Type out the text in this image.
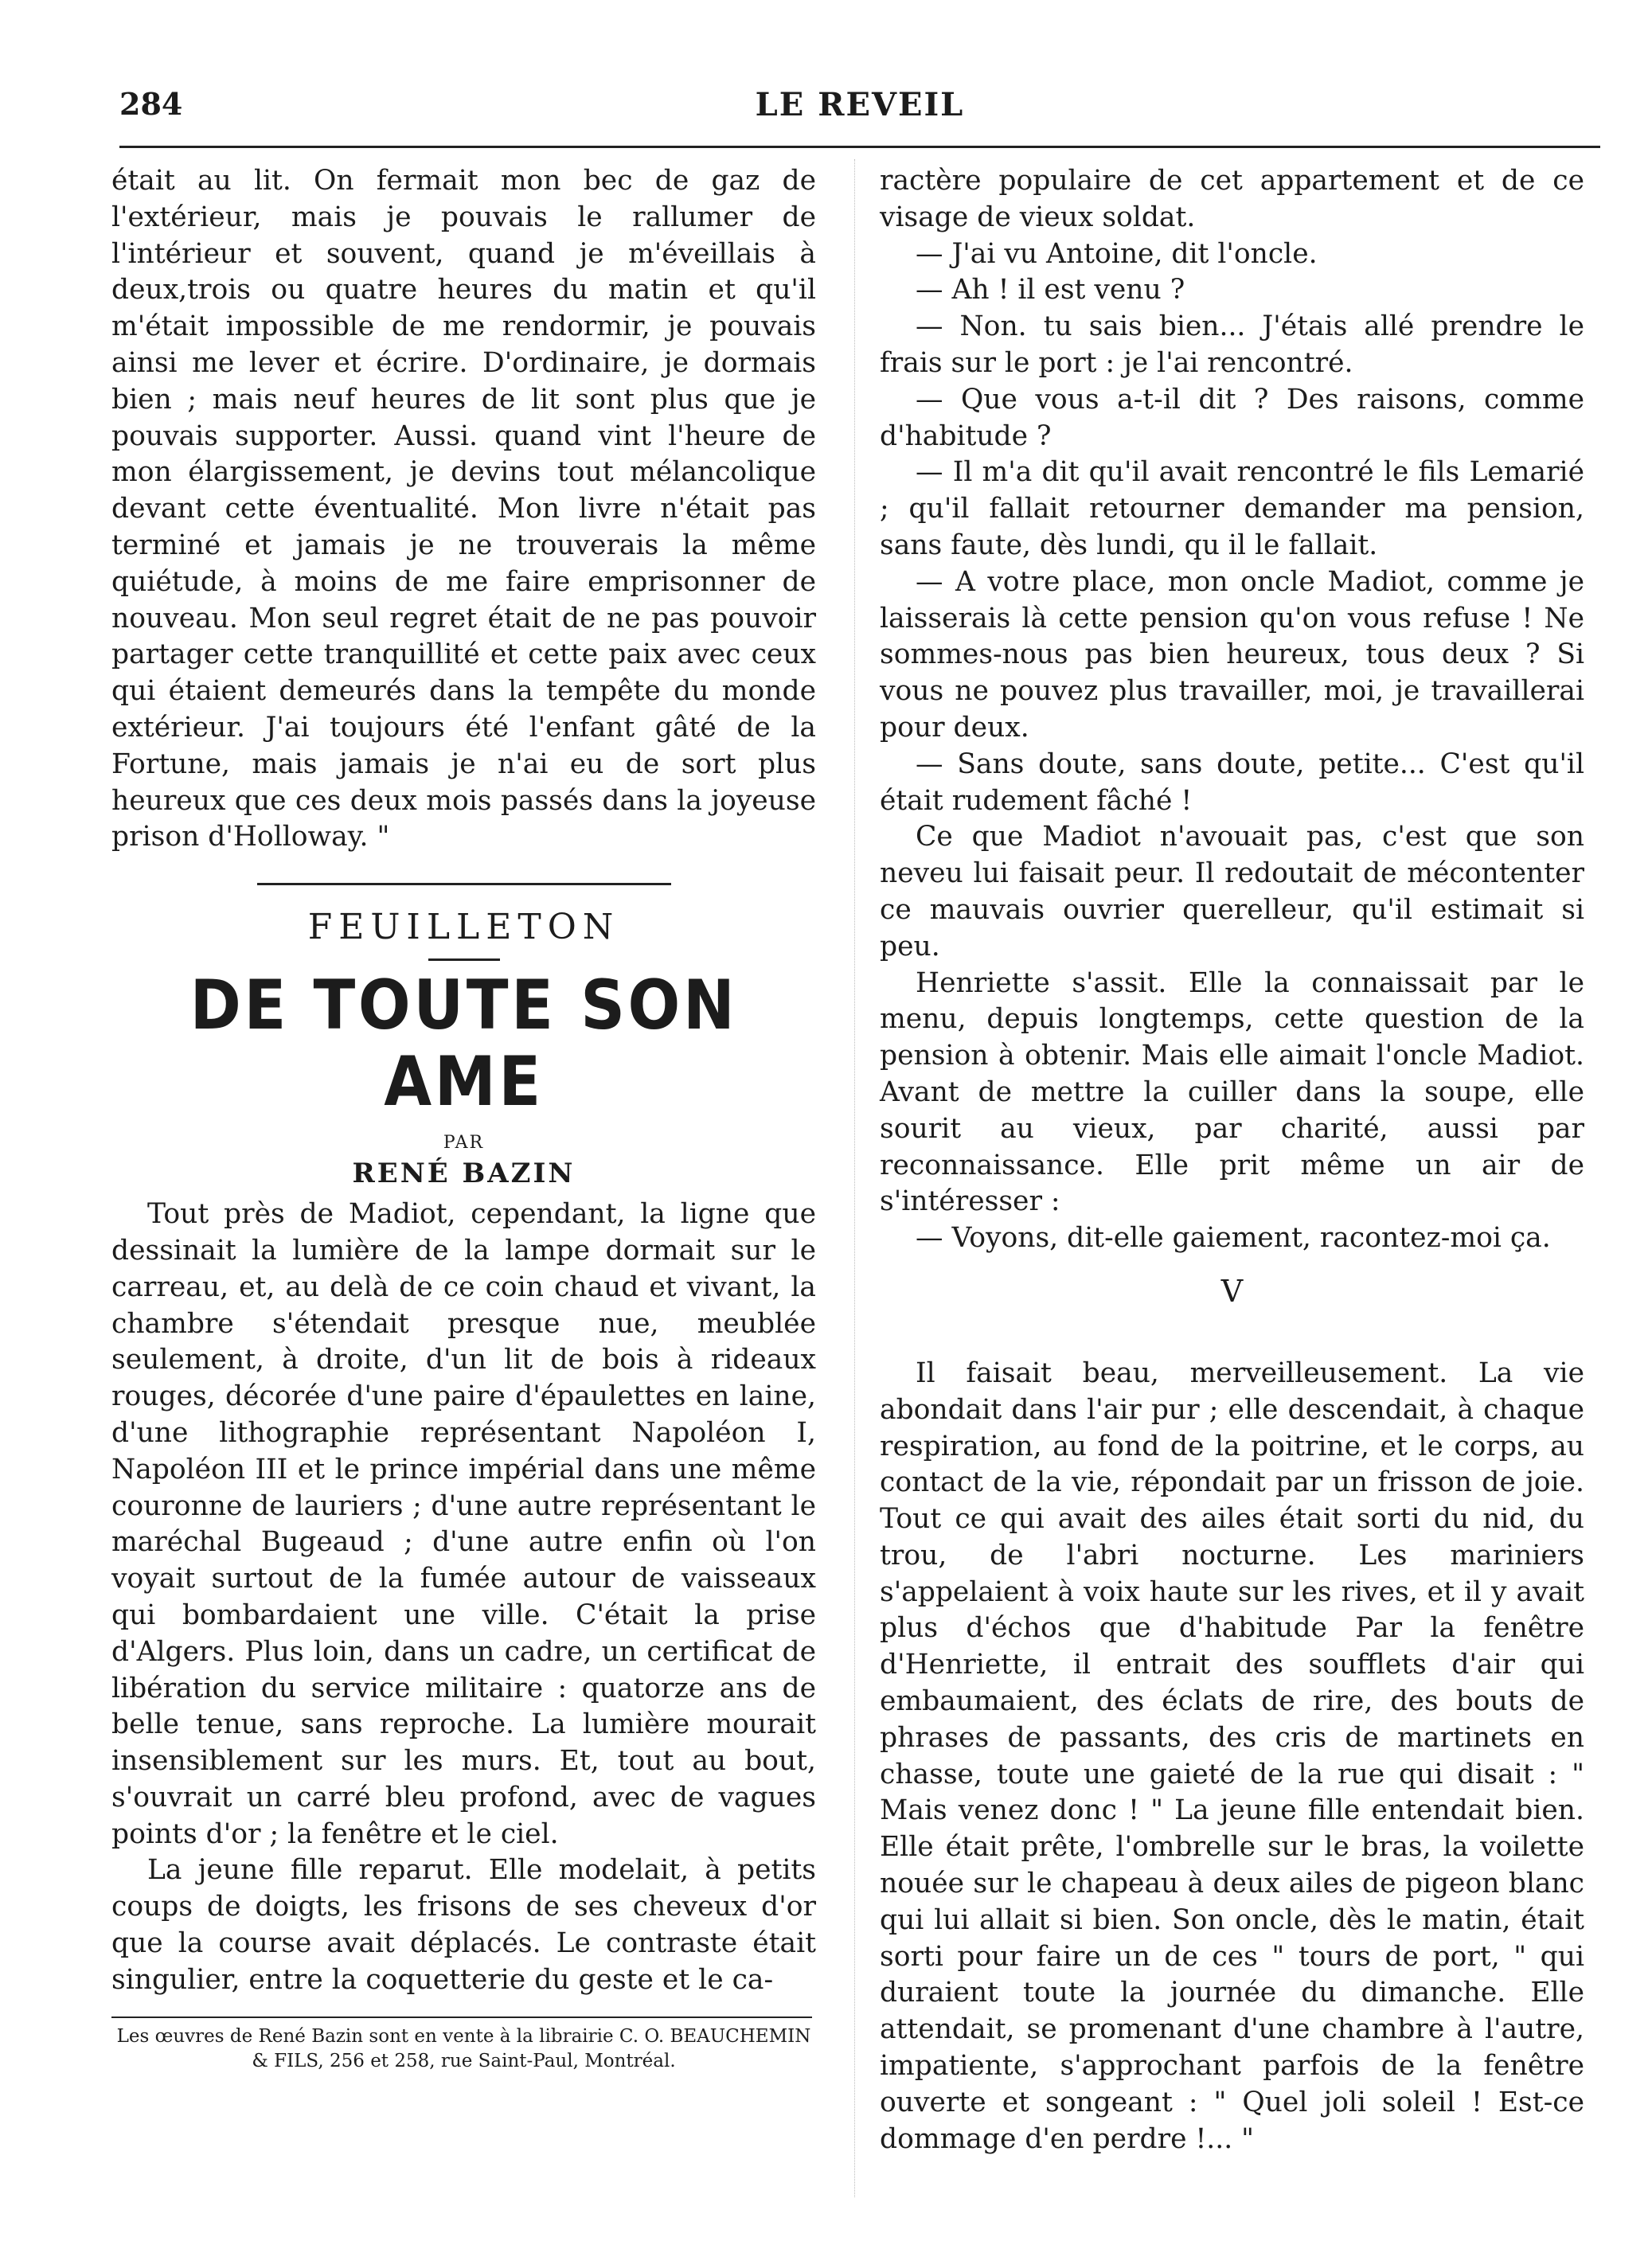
284	LE REVEIL

était au lit. On fermait mon bec de gaz de l'extérieur, mais je pouvais le rallumer de l'intérieur et souvent, quand je m'éveillais à deux,trois ou quatre heures du matin et qu'il m'était impossible de me rendormir, je pouvais ainsi me lever et écrire. D'ordinaire, je dormais bien ; mais neuf heures de lit sont plus que je pouvais supporter. Aussi. quand vint l'heure de mon élargissement, je devins tout mélancolique devant cette éventualité. Mon livre n'était pas terminé et jamais je ne trouverais la même quiétude, à moins de me faire emprisonner de nouveau. Mon seul regret était de ne pas pouvoir partager cette tranquillité et cette paix avec ceux qui étaient demeurés dans la tempête du monde extérieur. J'ai toujours été l'enfant gâté de la Fortune, mais jamais je n'ai eu de sort plus heureux que ces deux mois passés dans la joyeuse prison d'Holloway. "

FEUILLETON
DE TOUTE SON AME
PAR
RENÉ BAZIN

Tout près de Madiot, cependant, la ligne que dessinait la lumière de la lampe dormait sur le carreau, et, au delà de ce coin chaud et vivant, la chambre s'étendait presque nue, meublée seulement, à droite, d'un lit de bois à rideaux rouges, décorée d'une paire d'épaulettes en laine, d'une lithographie représentant Napoléon I, Napoléon III et le prince impérial dans une même couronne de lauriers ; d'une autre représentant le maréchal Bugeaud ; d'une autre enfin où l'on voyait surtout de la fumée autour de vaisseaux qui bombardaient une ville. C'était la prise d'Algers. Plus loin, dans un cadre, un certificat de libération du service militaire : quatorze ans de belle tenue, sans reproche. La lumière mourait insensiblement sur les murs. Et, tout au bout, s'ouvrait un carré bleu profond, avec de vagues points d'or ; la fenêtre et le ciel.

La jeune fille reparut. Elle modelait, à petits coups de doigts, les frisons de ses cheveux d'or que la course avait déplacés. Le contraste était singulier, entre la coquetterie du geste et le ca-

Les œuvres de René Bazin sont en vente à la librairie C. O. BEAUCHEMIN & FILS, 256 et 258, rue Saint-Paul, Montréal.

ractère populaire de cet appartement et de ce visage de vieux soldat.

— J'ai vu Antoine, dit l'oncle.

— Ah ! il est venu ?

— Non. tu sais bien... J'étais allé prendre le frais sur le port : je l'ai rencontré.

— Que vous a-t-il dit ? Des raisons, comme d'habitude ?

— Il m'a dit qu'il avait rencontré le fils Lemarié ; qu'il fallait retourner demander ma pension, sans faute, dès lundi, qu il le fallait.

— A votre place, mon oncle Madiot, comme je laisserais là cette pension qu'on vous refuse ! Ne sommes-nous pas bien heureux, tous deux ? Si vous ne pouvez plus travailler, moi, je travaillerai pour deux.

— Sans doute, sans doute, petite... C'est qu'il était rudement fâché !

Ce que Madiot n'avouait pas, c'est que son neveu lui faisait peur. Il redoutait de mécontenter ce mauvais ouvrier querelleur, qu'il estimait si peu.

Henriette s'assit. Elle la connaissait par le menu, depuis longtemps, cette question de la pension à obtenir. Mais elle aimait l'oncle Madiot. Avant de mettre la cuiller dans la soupe, elle sourit au vieux, par charité, aussi par reconnaissance. Elle prit même un air de s'intéresser :

— Voyons, dit-elle gaiement, racontez-moi ça.

V

Il faisait beau, merveilleusement. La vie abondait dans l'air pur ; elle descendait, à chaque respiration, au fond de la poitrine, et le corps, au contact de la vie, répondait par un frisson de joie. Tout ce qui avait des ailes était sorti du nid, du trou, de l'abri nocturne. Les mariniers s'appelaient à voix haute sur les rives, et il y avait plus d'échos que d'habitude Par la fenêtre d'Henriette, il entrait des soufflets d'air qui embaumaient, des éclats de rire, des bouts de phrases de passants, des cris de martinets en chasse, toute une gaieté de la rue qui disait : " Mais venez donc ! " La jeune fille entendait bien. Elle était prête, l'ombrelle sur le bras, la voilette nouée sur le chapeau à deux ailes de pigeon blanc qui lui allait si bien. Son oncle, dès le matin, était sorti pour faire un de ces " tours de port, " qui duraient toute la journée du dimanche. Elle attendait, se promenant d'une chambre à l'autre, impatiente, s'approchant parfois de la fenêtre ouverte et songeant : " Quel joli soleil ! Est-ce dommage d'en perdre !... "
